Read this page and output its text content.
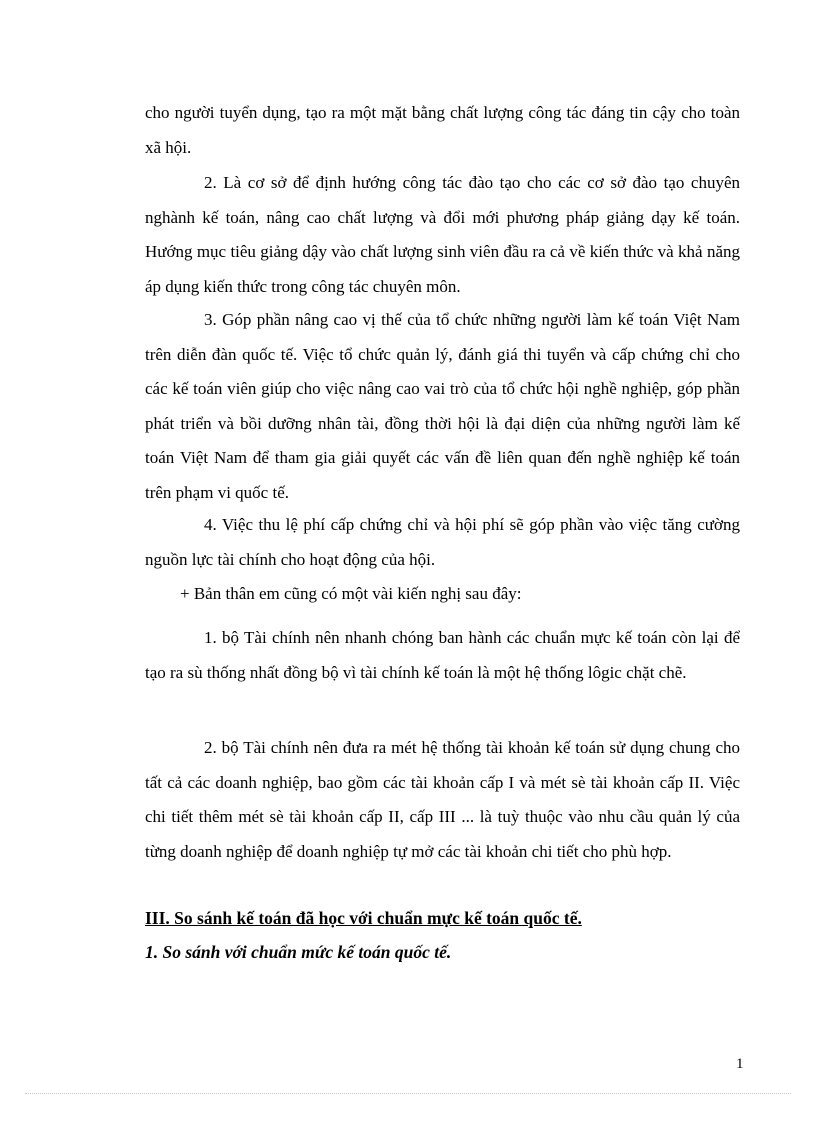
cho người tuyển dụng, tạo ra một mặt bằng chất lượng công tác đáng tin cậy cho toàn xã hội.

2. Là cơ sở để định hướng công tác đào tạo cho các cơ sở đào tạo chuyên nghành kế toán, nâng cao chất lượng và đổi mới phương pháp giảng dạy kế toán. Hướng mục tiêu giảng dậy vào chất lượng sinh viên đầu ra cả về kiến thức và khả năng áp dụng kiến thức trong công tác chuyên môn.

3. Góp phần nâng cao vị thế của tổ chức những người làm kế toán Việt Nam trên diễn đàn quốc tế. Việc tổ chức quản lý, đánh giá thi tuyển và cấp chứng chỉ cho các kế toán viên giúp cho việc nâng cao vai trò của tổ chức hội nghề nghiệp, góp phần phát triển và bồi dưỡng nhân tài, đồng thời hội là đại diện của những người làm kế toán Việt Nam để tham gia giải quyết các vấn đề liên quan đến nghề nghiệp kế toán trên phạm vi quốc tế.

4. Việc thu lệ phí cấp chứng chỉ và hội phí sẽ góp phần vào việc tăng cường nguồn lực tài chính cho hoạt động của hội.

+ Bản thân em cũng có một vài kiến nghị sau đây:

1. bộ Tài chính nên nhanh chóng ban hành các chuẩn mực kế toán còn lại để tạo ra sù thống nhất đồng bộ vì tài chính kế toán là một hệ thống lôgic chặt chẽ.

2. bộ Tài chính nên đưa ra mét hệ thống tài khoản kế toán sử dụng chung cho tất cả các doanh nghiệp, bao gồm các tài khoản cấp I và mét sè tài khoản cấp II. Việc chi tiết thêm mét sè tài khoản cấp II, cấp III ... là tuỳ thuộc vào nhu cầu quản lý của từng doanh nghiệp để doanh nghiệp tự mở các tài khoản chi tiết cho phù hợp.

III. So sánh kế toán đã học với chuẩn mực kế toán quốc tế.

1. So sánh với chuẩn mức kế toán quốc tế.

1
